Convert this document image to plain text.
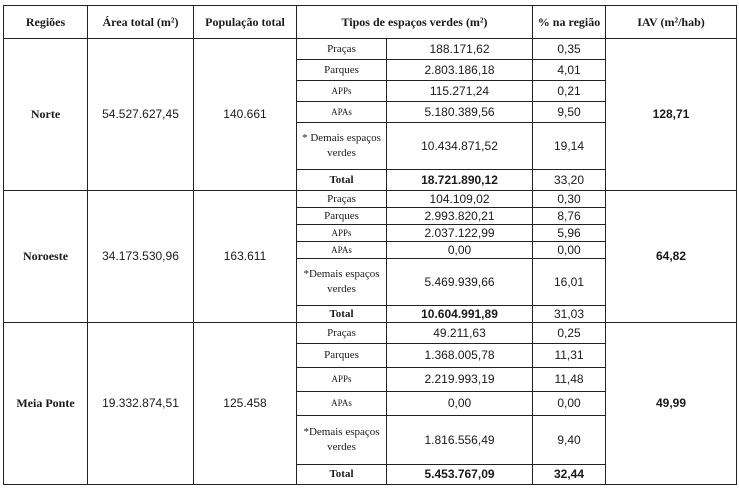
Regiões	Área total (m²)	População total	Tipos de espaços verdes (m²)		% na região	IAV (m²/hab)
Norte	54.527.627,45	140.661	Praças	188.171,62	0,35	128,71
			Parques	2.803.186,18	4,01	
			APPs	115.271,24	0,21	
			APAs	5.180.389,56	9,50	
			* Demais espaços verdes	10.434.871,52	19,14	
			Total	18.721.890,12	33,20	
Noroeste	34.173.530,96	163.611	Praças	104.109,02	0,30	64,82
			Parques	2.993.820,21	8,76	
			APPs	2.037.122,99	5,96	
			APAs	0,00	0,00	
			*Demais espaços verdes	5.469.939,66	16,01	
			Total	10.604.991,89	31,03	
Meia Ponte	19.332.874,51	125.458	Praças	49.211,63	0,25	49,99
			Parques	1.368.005,78	11,31	
			APPs	2.219.993,19	11,48	
			APAs	0,00	0,00	
			*Demais espaços verdes	1.816.556,49	9,40	
			Total	5.453.767,09	32,44	
